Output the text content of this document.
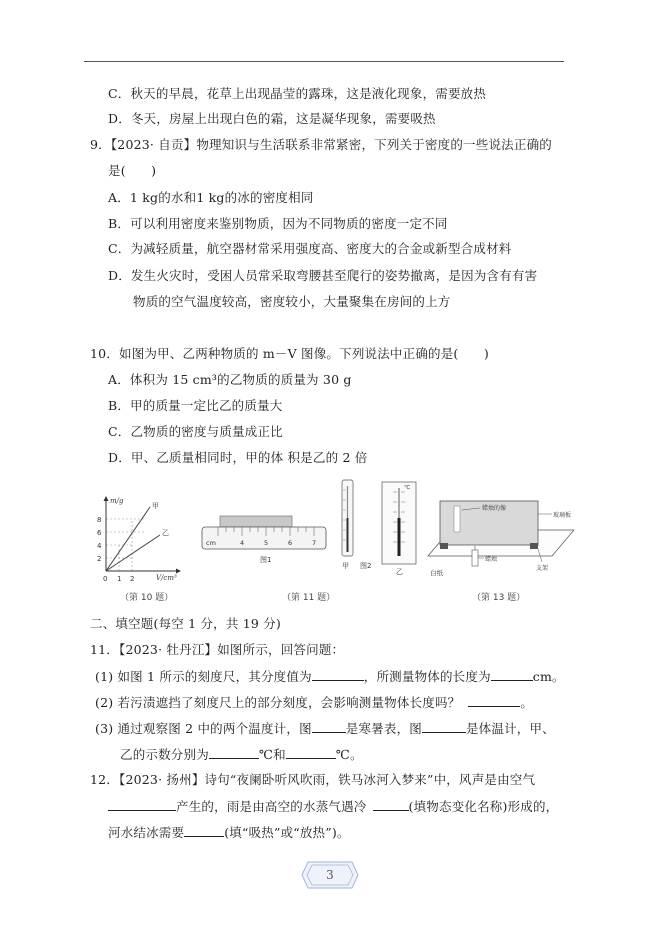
C．秋天的早晨，花草上出现晶莹的露珠，这是液化现象，需要放热
D．冬天，房屋上出现白色的霜，这是凝华现象，需要吸热
9．【2023· 自贡】物理知识与生活联系非常紧密，下列关于密度的一些说法正确的
是(　　)
A．1 kg的水和1 kg的冰的密度相同
B．可以利用密度来鉴别物质，因为不同物质的密度一定不同
C．为减轻质量，航空器材常采用强度高、密度大的合金或新型合成材料
D．发生火灾时，受困人员常采取弯腰甚至爬行的姿势撤离，是因为含有有害
物质的空气温度较高，密度较小，大量聚集在房间的上方
10．如图为甲、乙两种物质的 m－V 图像。下列说法中正确的是(　　)
A．体积为 15 cm³的乙物质的质量为 30 g
B．甲的质量一定比乙的质量大
C．乙物质的密度与质量成正比
D．甲、乙质量相同时，甲的体 积是乙的 2 倍
m/g
V/cm³
8
6
4
2
0 1 2
甲
乙
（第 10 题）
cm	4	5	6	7
图1
甲 图2
℃
乙
（第 11 题）
蜡烛的像
玻璃板
白纸
蜡烛
支架
（第 13 题）
二、填空题(每空 1 分，共 19 分)
11．【2023· 牡丹江】如图所示，回答问题：
(1) 如图 1 所示的刻度尺，其分度值为	，所测量物体的长度为	cm。
(2) 若污渍遮挡了刻度尺上的部分刻度，会影响测量物体长度吗？	。
(3) 通过观察图 2 中的两个温度计，图	是寒暑表，图	是体温计，甲、
乙的示数分别为	℃和	℃。
12．【2023· 扬州】诗句“夜阑卧听风吹雨，铁马冰河入梦来”中，风声是由空气
产生的，雨是由高空的水蒸气遇冷	(填物态变化名称)形成的，
河水结冰需要	(填“吸热”或“放热”)。
3
